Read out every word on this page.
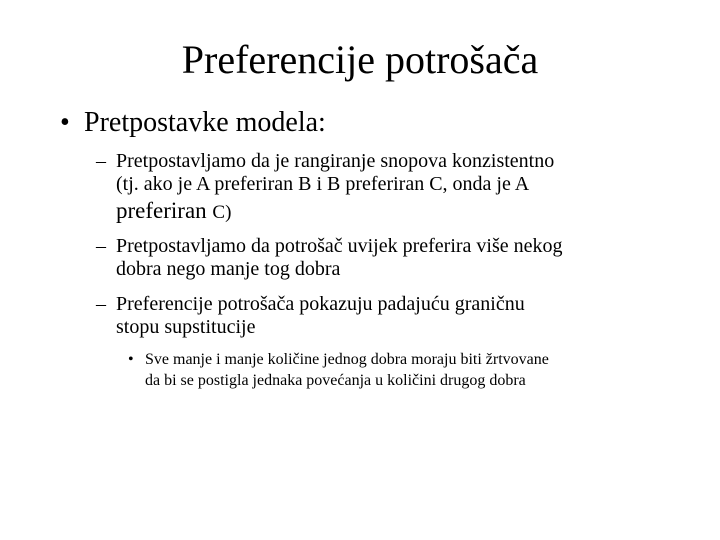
Preferencije potrošača
• Pretpostavke modela:
– Pretpostavljamo da je rangiranje snopova konzistentno
(tj. ako je A preferiran B i B preferiran C, onda je A
preferiran C)
– Pretpostavljamo da potrošač uvijek preferira više nekog
dobra nego manje tog dobra
– Preferencije potrošača pokazuju padajuću graničnu
stopu supstitucije
• Sve manje i manje količine jednog dobra moraju biti žrtvovane
da bi se postigla jednaka povećanja u količini drugog dobra
